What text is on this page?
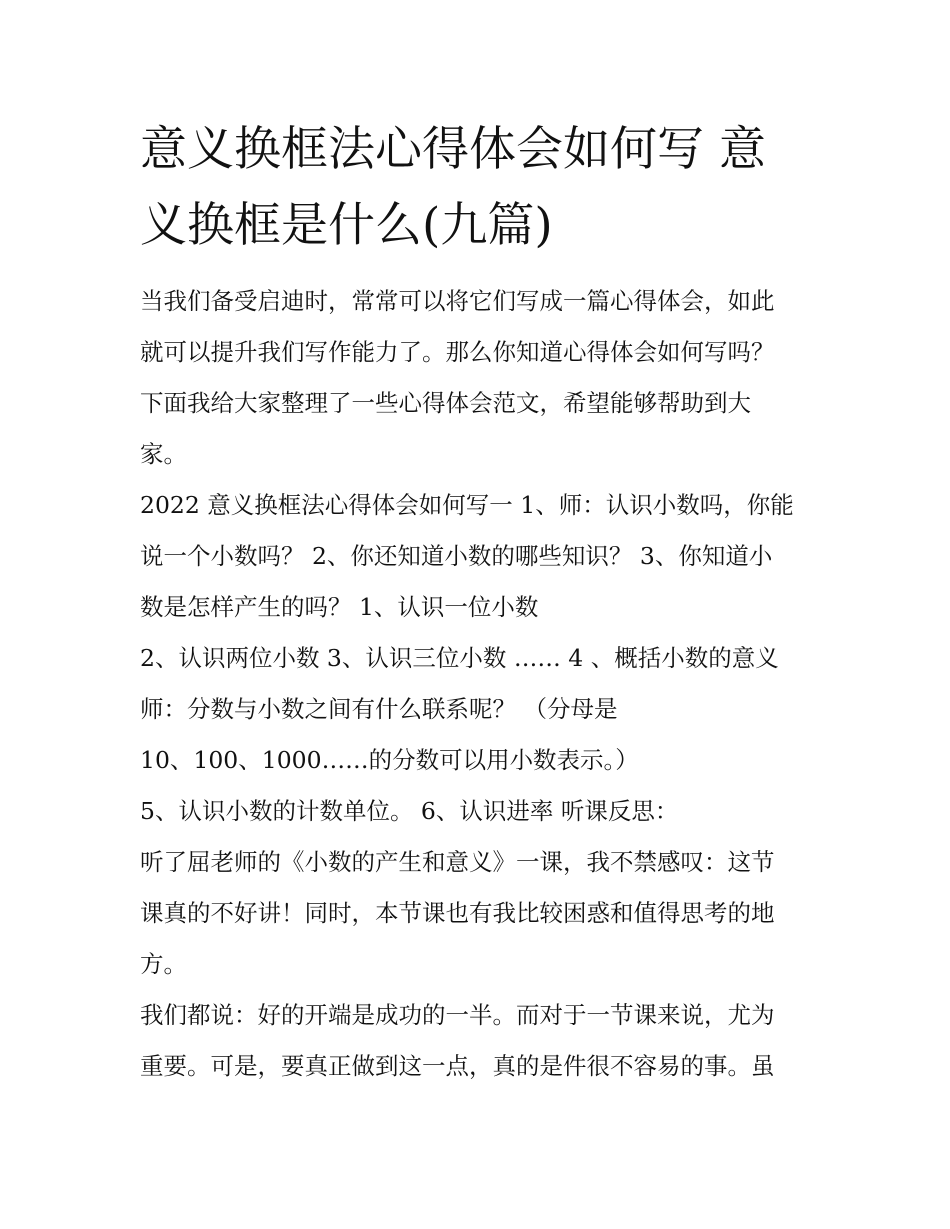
意义换框法心得体会如何写 意
义换框是什么(九篇)

当我们备受启迪时，常常可以将它们写成一篇心得体会，如此
就可以提升我们写作能力了。那么你知道心得体会如何写吗？
下面我给大家整理了一些心得体会范文，希望能够帮助到大
家。

2022 意义换框法心得体会如何写一 1、师：认识小数吗，你能
说一个小数吗？ 2、你还知道小数的哪些知识？ 3、你知道小
数是怎样产生的吗？ 1、认识一位小数

2、认识两位小数 3、认识三位小数 …… 4 、概括小数的意义
师：分数与小数之间有什么联系呢？ （分母是
10、100、1000……的分数可以用小数表示。）

5、认识小数的计数单位。 6、认识进率 听课反思：

听了屈老师的《小数的产生和意义》一课，我不禁感叹：这节
课真的不好讲！同时，本节课也有我比较困惑和值得思考的地
方。

我们都说：好的开端是成功的一半。而对于一节课来说，尤为
重要。可是，要真正做到这一点，真的是件很不容易的事。虽
